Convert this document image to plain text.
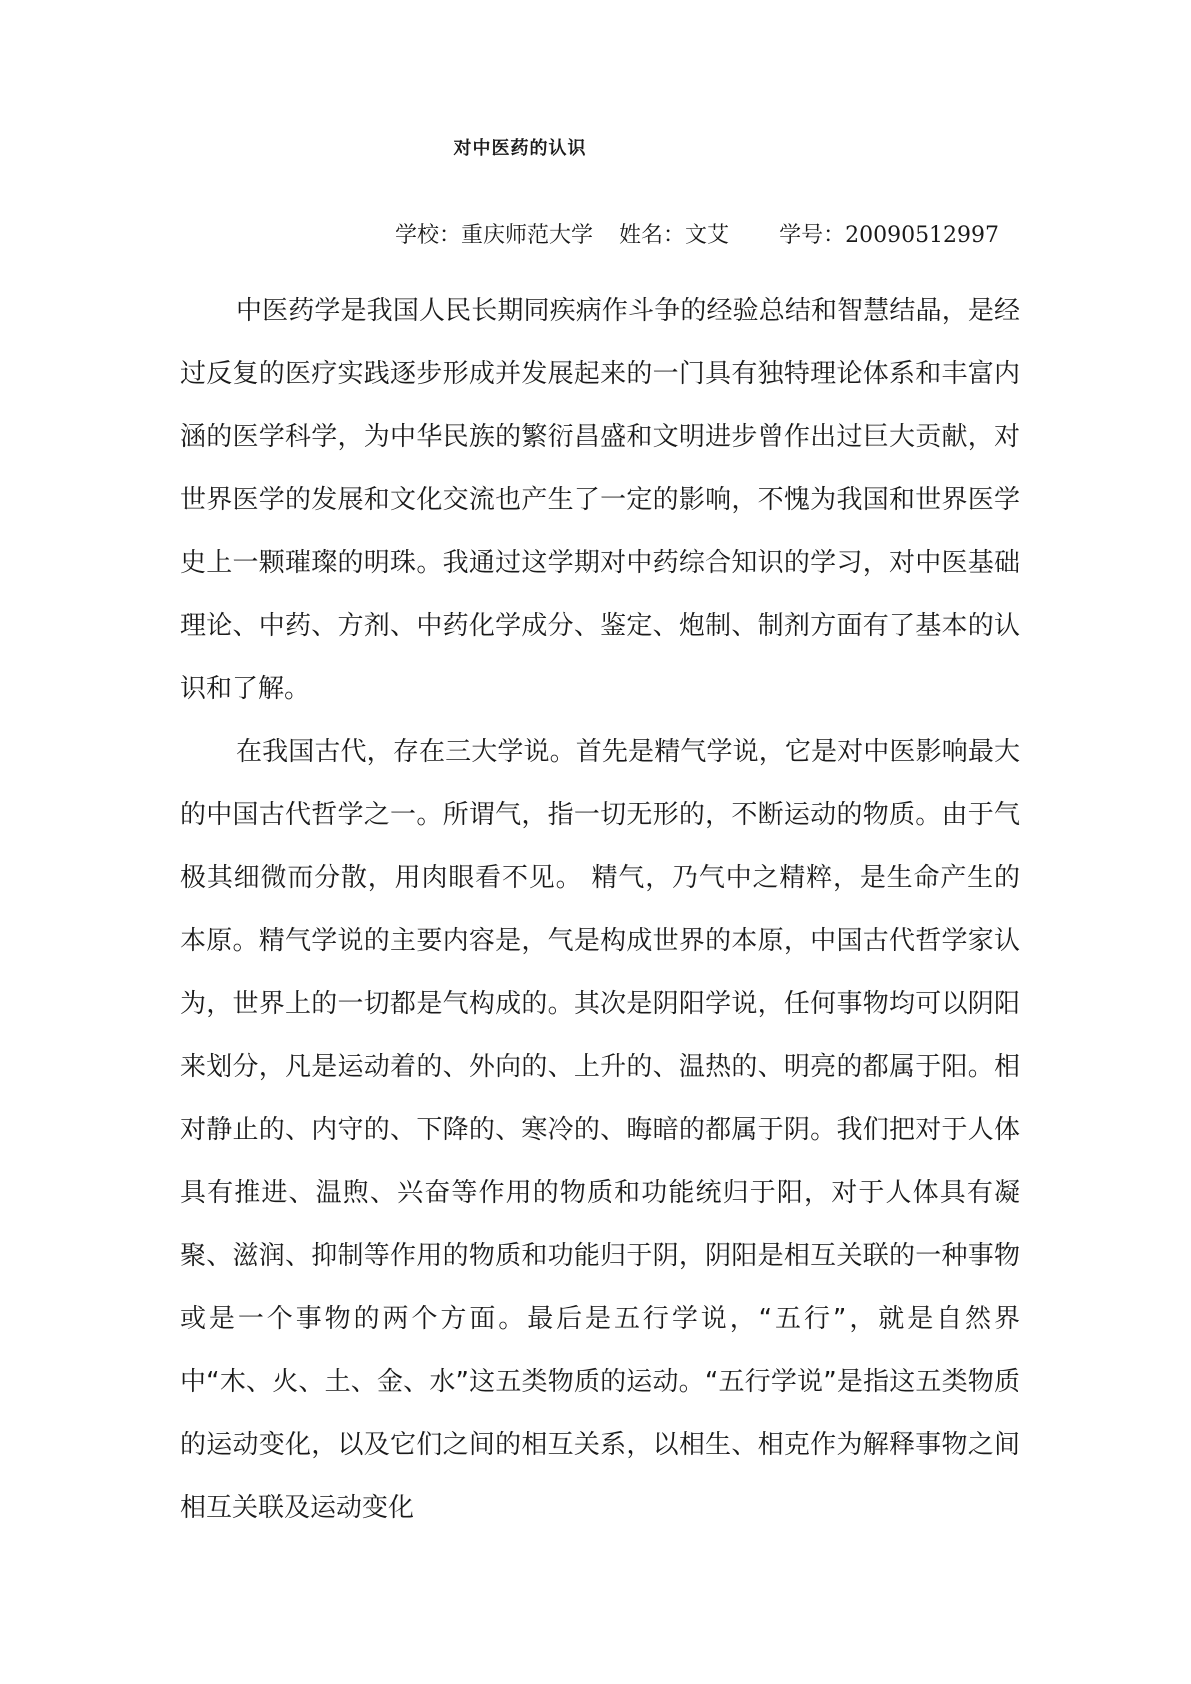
对中医药的认识
学校：重庆师范大学 姓名：文艾 学号：20090512997

中医药学是我国人民长期同疾病作斗争的经验总结和智慧结晶，是经过反复的医疗实践逐步形成并发展起来的一门具有独特理论体系和丰富内涵的医学科学，为中华民族的繁衍昌盛和文明进步曾作出过巨大贡献，对世界医学的发展和文化交流也产生了一定的影响，不愧为我国和世界医学史上一颗璀璨的明珠。我通过这学期对中药综合知识的学习，对中医基础理论、中药、方剂、中药化学成分、鉴定、炮制、制剂方面有了基本的认识和了解。

在我国古代，存在三大学说。首先是精气学说，它是对中医影响最大的中国古代哲学之一。所谓气，指一切无形的，不断运动的物质。由于气极其细微而分散，用肉眼看不见。 精气，乃气中之精粹，是生命产生的本原。精气学说的主要内容是，气是构成世界的本原，中国古代哲学家认为，世界上的一切都是气构成的。其次是阴阳学说，任何事物均可以阴阳来划分，凡是运动着的、外向的、上升的、温热的、明亮的都属于阳。相对静止的、内守的、下降的、寒冷的、晦暗的都属于阴。我们把对于人体具有推进、温煦、兴奋等作用的物质和功能统归于阳，对于人体具有凝聚、滋润、抑制等作用的物质和功能归于阴，阴阳是相互关联的一种事物或是一个事物的两个方面。最后是五行学说，“五行”，就是自然界中“木、火、土、金、水”这五类物质的运动。“五行学说”是指这五类物质的运动变化，以及它们之间的相互关系，以相生、相克作为解释事物之间相互关联及运动变化
